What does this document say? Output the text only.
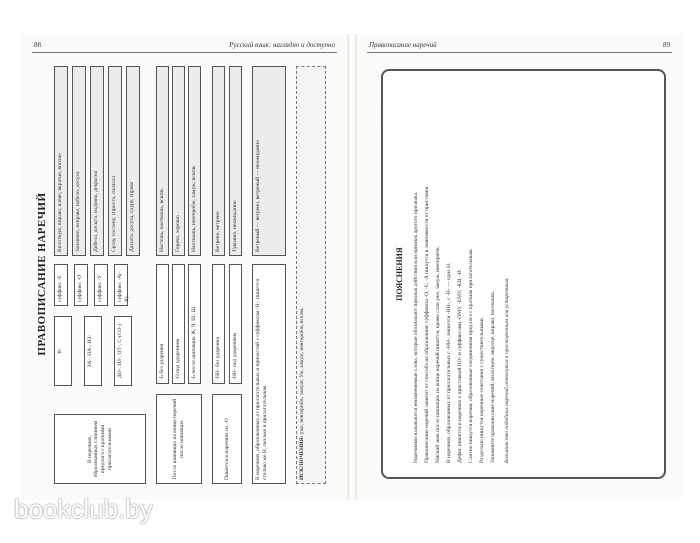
88	Русский язык: наглядно и доступно
ПРАВОПИСАНИЕ НАРЕЧИЙ
В наречиях, образованных слиянием предлога с краткими прилагательными
В-	ЗА-, НА-, ИЗ-	ДО-, ИЗ-, ОТ-, С-(СО-)
суффикс -Е	суффикс -О	суффикс -У	суффикс -А(-Я)
Вплотную, вправо, влево, вкратце, вполне	Зананово, направо, набело, досуха	Добела, досыта, издавна, докрасна	Сразу, сослепу, спроста, сначала	Досыта, досуха, сдуру, справа
После шипящих на конце наречий после шипящих
-Ь без ударения	-О под ударением	-Ь после шипящих Ж, Ч, Ш, Щ
Настежь, наотмашь, вскачь	Горячо, хорошо	Наотмашь, невтерпёж, замуж, вскачь
Пишется в наречиях на -О
-НН- без ударения	-НН- под ударением
Ветрено, ветрено	Туманно, неожиданно
В наречиях, образованных от прилагательных и причастий с суффиксом -Н-, пишется столько же Н, сколько в прилагательном.
Ветреный — ветрено, ветреный — неожиданно
ИСКЛЮЧЕНИЯ: уже, невтерпёж, замуж; Уж, замуж, невтерпёж, вскачь
Правописание наречий	89
ПОЯСНЕНИЯ Наречиями называются неизменяемые слова, которые обозначают признак действия или признак другого признака. Правописание наречий зависит от способа их образования: суффиксы -О, -Е, -А пишутся в зависимости от приставки. Мягкий знак после шипящих на конце наречий пишется, кроме слов уже, замуж, невтерпёж. В наречиях, образованных от прилагательных с -НН-, пишется -НН-, с -Н- — одна Н. Дефис пишется в наречиях с приставкой ПО- и суффиксами -ОМУ, -ЕМУ, -КИ, -И. Слитно пишутся наречия, образованные соединением предлога с кратким прилагательным. Раздельно пишутся наречные сочетания с существительными. Запомните правописание наречий: вплотную, вкратце, вправо, наотмашь.	Большинство подобных наречий относится к просторечным или устаревшим.

bookclub.by
